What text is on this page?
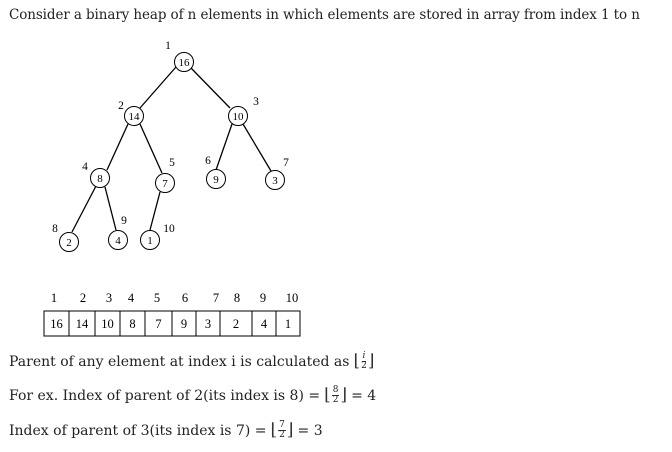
Consider a binary heap of n elements in which elements are stored in array from index 1 to n
16
1
14
2
10
3
8
4
7
5
9
6
3
7
2
8
4
9
1
10
1 2 3 4 5 6 7 8 9 10
16 14 10 8 7 9 3 2 4 1
Parent of any element at index i is calculated as ⌊ $\frac{i}{2}$ ⌋
For ex. Index of parent of 2(its index is 8) = ⌊ $\frac{8}{2}$ ⌋ = 4
Index of parent of 3(its index is 7) = ⌊ $\frac{7}{2}$ ⌋ = 3
